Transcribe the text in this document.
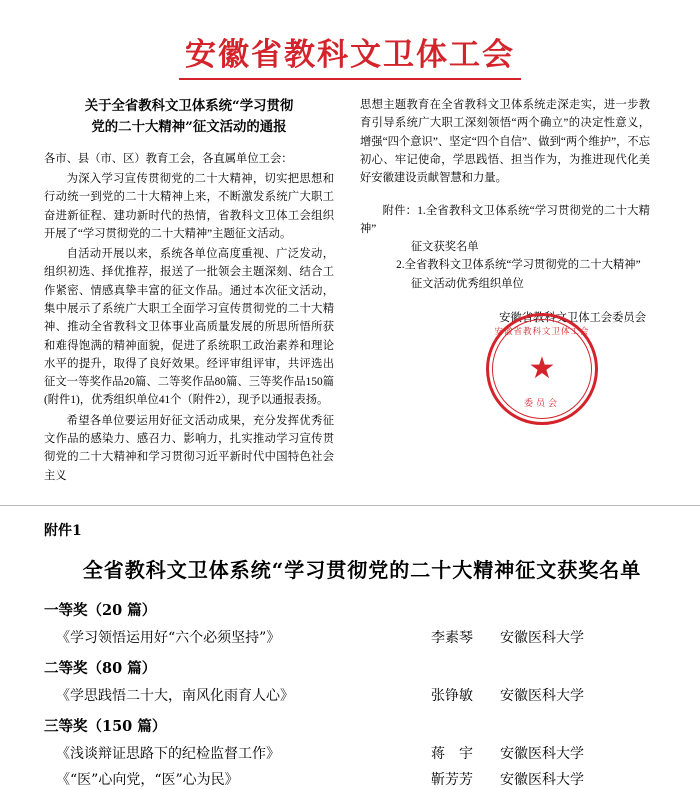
安徽省教科文卫体工会
关于全省教科文卫体系统“学习贯彻
党的二十大精神”征文活动的通报

各市、县（市、区）教育工会，各直属单位工会：

为深入学习宣传贯彻党的二十大精神，切实把思想和行动统一到党的二十大精神上来，不断激发系统广大职工奋进新征程、建功新时代的热情，省教科文卫体工会组织开展了“学习贯彻党的二十大精神”主题征文活动。

自活动开展以来，系统各单位高度重视、广泛发动，组织初选、择优推荐，报送了一批领会主题深刻、结合工作紧密、情感真挚丰富的征文作品。通过本次征文活动，集中展示了系统广大职工全面学习宣传贯彻党的二十大精神、推动全省教科文卫体事业高质量发展的所思所悟所获和难得饱满的精神面貌，促进了系统职工政治素养和理论水平的提升，取得了良好效果。经评审组评审，共评选出征文一等奖作品20篇、二等奖作品80篇、三等奖作品150篇(附件1)，优秀组织单位41个（附件2），现予以通报表扬。

希望各单位要运用好征文活动成果，充分发挥优秀征文作品的感染力、感召力、影响力，扎实推动学习宣传贯彻党的二十大精神和学习贯彻习近平新时代中国特色社会主义

思想主题教育在全省教科文卫体系统走深走实，进一步教育引导系统广大职工深刻领悟“两个确立”的决定性意义，增强“四个意识”、坚定“四个自信”、做到“两个维护”，不忘初心、牢记使命，学思践悟、担当作为，为推进现代化美好安徽建设贡献智慧和力量。

附件：1.全省教科文卫体系统“学习贯彻党的二十大精神”
征文获奖名单
2.全省教科文卫体系统“学习贯彻党的二十大精神”
征文活动优秀组织单位
安徽省教科文卫体工会委员会
安徽省教科文卫体工会
★
委员会
附件1
全省教科文卫体系统“学习贯彻党的二十大精神征文获奖名单
一等奖（20 篇）
《学习领悟运用好“六个必须坚持”》	李素琴	安徽医科大学
二等奖（80 篇）
《学思践悟二十大，南风化雨育人心》	张铮敏	安徽医科大学
三等奖（150 篇）
《浅谈辩证思路下的纪检监督工作》	蒋　宇	安徽医科大学
《“医”心向党，“医”心为民》	靳芳芳	安徽医科大学
